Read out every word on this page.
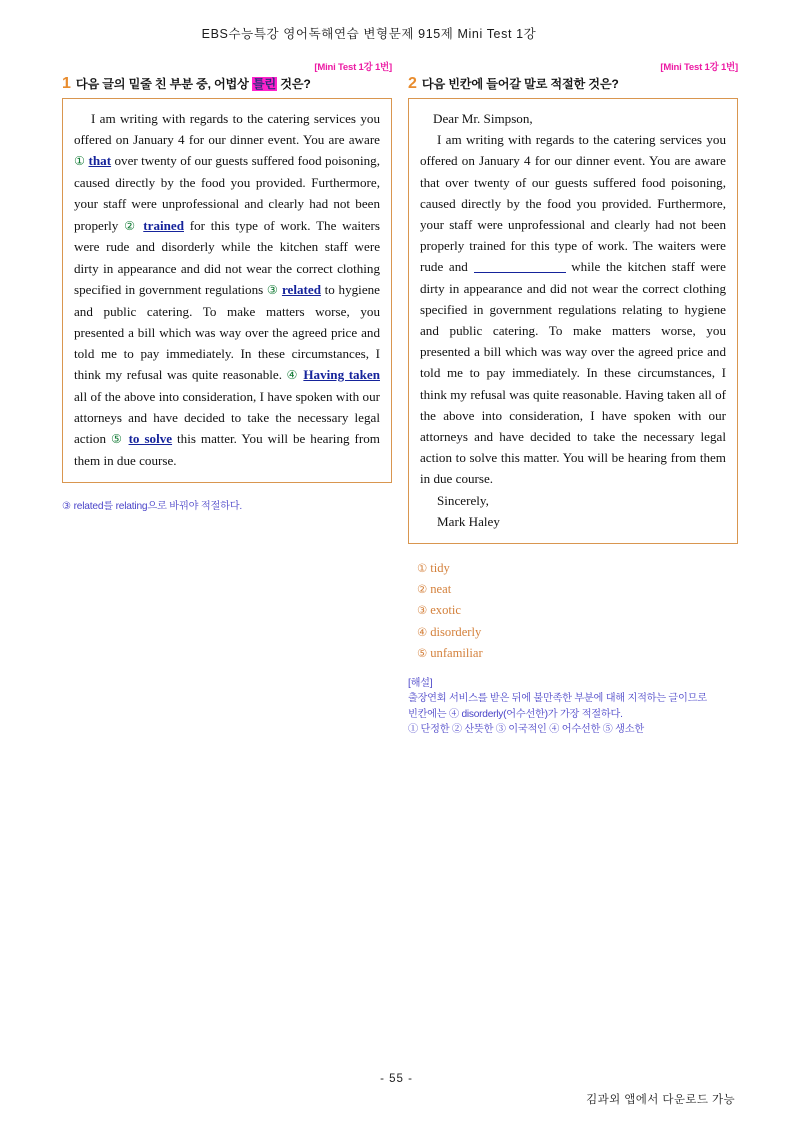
EBS수능특강 영어독해연습 변형문제 915제 Mini Test 1강
[Mini Test 1강 1번]
1 다음 글의 밑줄 친 부분 중, 어법상 틀린 것은?

I am writing with regards to the catering services you offered on January 4 for our dinner event. You are aware ① that over twenty of our guests suffered food poisoning, caused directly by the food you provided. Furthermore, your staff were unprofessional and clearly had not been properly ② trained for this type of work. The waiters were rude and disorderly while the kitchen staff were dirty in appearance and did not wear the correct clothing specified in government regulations ③ related to hygiene and public catering. To make matters worse, you presented a bill which was way over the agreed price and told me to pay immediately. In these circumstances, I think my refusal was quite reasonable. ④ Having taken all of the above into consideration, I have spoken with our attorneys and have decided to take the necessary legal action ⑤ to solve this matter. You will be hearing from them in due course.

③ related를 relating으로 바꿔야 적절하다.
[Mini Test 1강 1번]
2 다음 빈칸에 들어갈 말로 적절한 것은?

Dear Mr. Simpson,

I am writing with regards to the catering services you offered on January 4 for our dinner event. You are aware that over twenty of our guests suffered food poisoning, caused directly by the food you provided. Furthermore, your staff were unprofessional and clearly had not been properly trained for this type of work. The waiters were rude and	while the kitchen staff were dirty in appearance and did not wear the correct clothing specified in government regulations relating to hygiene and public catering. To make matters worse, you presented a bill which was way over the agreed price and told me to pay immediately. In these circumstances, I think my refusal was quite reasonable. Having taken all of the above into consideration, I have spoken with our attorneys and have decided to take the necessary legal action to solve this matter. You will be hearing from them in due course.

Sincerely,

Mark Haley

① tidy
② neat
③ exotic
④ disorderly
⑤ unfamiliar
[해설]
출장연회 서비스를 받은 뒤에 불만족한 부분에 대해 지적하는 글이므로
빈칸에는 ④ disorderly(어수선한)가 가장 적절하다.
① 단정한 ② 산뜻한 ③ 이국적인 ④ 어수선한 ⑤ 생소한
- 55 -
김과외 앱에서 다운로드 가능
